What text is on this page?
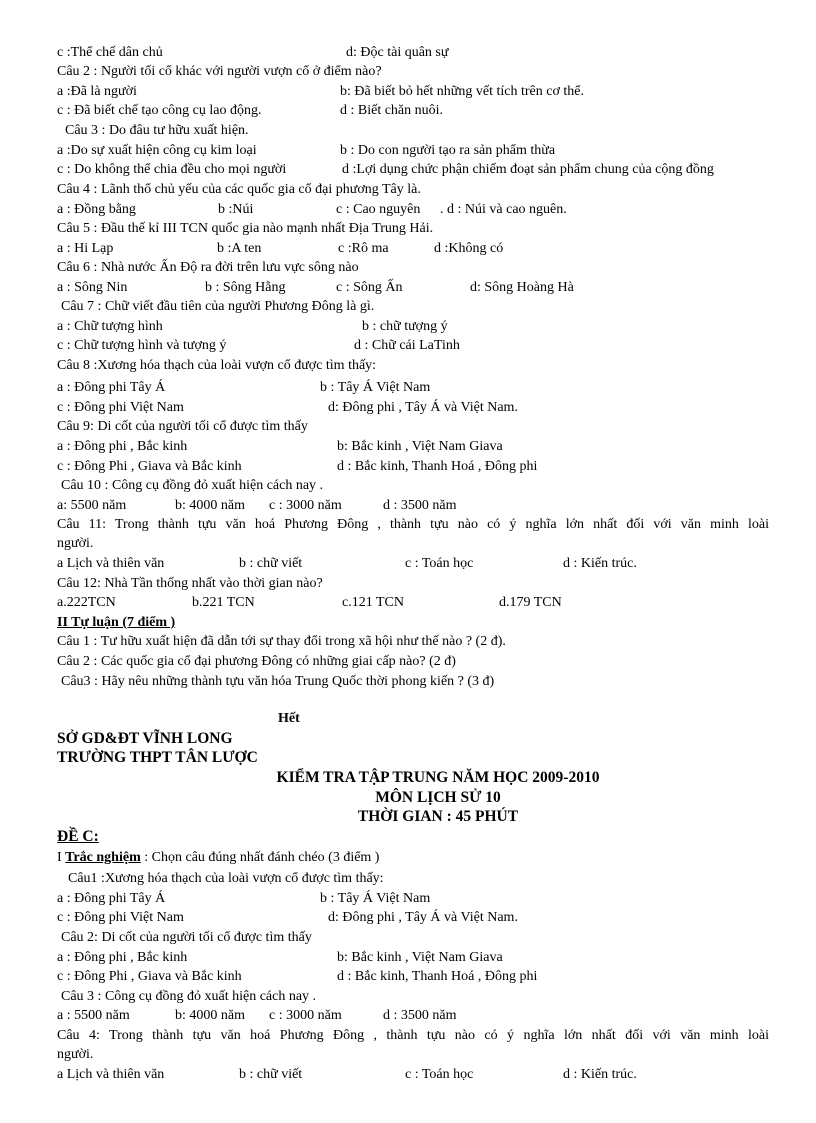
c :Thể chế dân chủ	d: Độc tài quân sự
Câu 2 : Người tối cổ khác với người vượn cổ ở điểm nào?
a :Đã là người	b: Đã biết bỏ hết những vết tích trên cơ thể.
c : Đã biết chế tạo công cụ lao động.	d : Biết chăn nuôi.
Câu 3 : Do đâu tư hữu xuất hiện.
a :Do sự xuất hiện công cụ kim loại	b : Do con người tạo ra sản phẩm thừa
c : Do không thể chia đều cho mọi người	d :Lợi dụng chức phận chiếm đoạt sản phẩm chung của cộng đồng
Câu 4 : Lãnh thổ chủ yếu của các quốc gia cổ đại phương Tây là.
a : Đồng bằng	b :Núi	c : Cao nguyên . d : Núi và cao nguên.
Câu 5 : Đầu thế kỉ III TCN quốc gia nào mạnh nhất Địa Trung Hải.
a : Hi Lạp	b :A ten	c :Rô ma	d :Không có
Câu 6 : Nhà nước Ấn Độ ra đời trên lưu vực sông nào
a : Sông Nin	b : Sông Hằng	c : Sông Ấn	d: Sông Hoàng Hà
Câu 7 : Chữ viết đầu tiên của người Phương Đông là gì.
a : Chữ tượng hình	b : chữ tượng ý
c : Chữ tượng hình và tượng ý	d : Chữ cái LaTinh
Câu 8 :Xương hóa thạch của loài vượn cổ được tìm thấy:
a : Đông phi Tây Á	b : Tây Á Việt Nam
c : Đông phi Việt Nam	d: Đông phi , Tây Á và Việt Nam.
Câu 9: Di cốt của người tối cổ được tìm thấy
a : Đông phi , Bắc kinh	b: Bắc kinh , Việt Nam Giava
c : Đông Phi , Giava và Bắc kinh	d : Bắc kinh, Thanh Hoá , Đông phi
Câu 10 : Công cụ đồng đỏ xuất hiện cách nay .
a: 5500 năm	b: 4000 năm c : 3000 năm	d : 3500 năm
Câu 11: Trong thành tựu văn hoá Phương Đông , thành tựu nào có ý nghĩa lớn nhất đối với văn minh loài
người.
a Lịch và thiên văn	b : chữ viết	c : Toán học	d : Kiến trúc.
Câu 12: Nhà Tần thống nhất vào thời gian nào?
a.222TCN	b.221 TCN	c.121 TCN	d.179 TCN
II Tự luận (7 điểm )
Câu 1 : Tư hữu xuất hiện đã dẫn tới sự thay đổi trong xã hội như thế nào ? (2 đ).
Câu 2 : Các quốc gia cổ đại phương Đông có những giai cấp nào? (2 đ)
Câu3 : Hãy nêu những thành tựu văn hóa Trung Quốc thời phong kiến ? (3 đ)
Hết
SỞ GD&ĐT VĨNH LONG
TRƯỜNG THPT TÂN LƯỢC
KIỂM TRA TẬP TRUNG NĂM HỌC 2009-2010
MÔN LỊCH SỬ 10
THỜI GIAN : 45 PHÚT
ĐỀ C:
I Trắc nghiệm : Chọn câu đúng nhất đánh chéo (3 điểm )
Câu1 :Xương hóa thạch của loài vượn cổ được tìm thấy:
a : Đông phi Tây Á	b : Tây Á Việt Nam
c : Đông phi Việt Nam	d: Đông phi , Tây Á và Việt Nam.
Câu 2: Di cốt của người tối cổ được tìm thấy
a : Đông phi , Bắc kinh	b: Bắc kinh , Việt Nam Giava
c : Đông Phi , Giava và Bắc kinh	d : Bắc kinh, Thanh Hoá , Đông phi
Câu 3 : Công cụ đồng đỏ xuất hiện cách nay .
a : 5500 năm	b: 4000 năm c : 3000 năm	d : 3500 năm
Câu 4: Trong thành tựu văn hoá Phương Đông , thành tựu nào có ý nghĩa lớn nhất đối với văn minh loài
người.
a Lịch và thiên văn	b : chữ viết	c : Toán học	d : Kiến trúc.
